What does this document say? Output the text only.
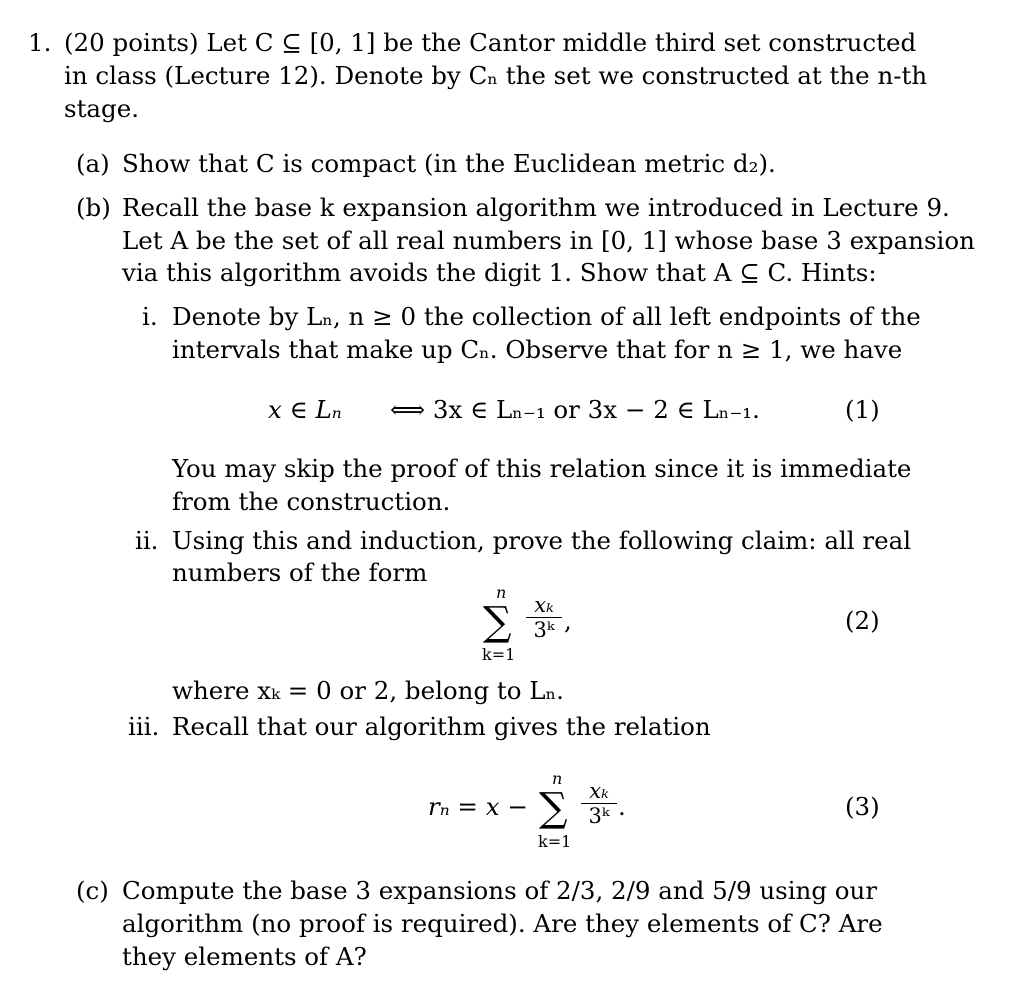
1. (20 points) Let C ⊆ [0, 1] be the Cantor middle third set constructed
in class (Lecture 12). Denote by Cₙ the set we constructed at the n-th
stage.
(a) Show that C is compact (in the Euclidean metric d₂).
(b) Recall the base k expansion algorithm we introduced in Lecture 9.
Let A be the set of all real numbers in [0, 1] whose base 3 expansion
via this algorithm avoids the digit 1. Show that A ⊆ C. Hints:
i. Denote by Lₙ, n ≥ 0 the collection of all left endpoints of the
intervals that make up Cₙ. Observe that for n ≥ 1, we have
x ∈ Lₙ ⟺ 3x ∈ Lₙ₋₁ or 3x − 2 ∈ Lₙ₋₁.	(1)
You may skip the proof of this relation since it is immediate
from the construction.
ii. Using this and induction, prove the following claim: all real
numbers of the form
n
∑
k=1
xₖ
3ᵏ ,	(2)
where xₖ = 0 or 2, belong to Lₙ.
iii. Recall that our algorithm gives the relation
rₙ = x −
n
∑
k=1
xₖ
3ᵏ .	(3)
(c) Compute the base 3 expansions of 2/3, 2/9 and 5/9 using our
algorithm (no proof is required). Are they elements of C? Are
they elements of A?
